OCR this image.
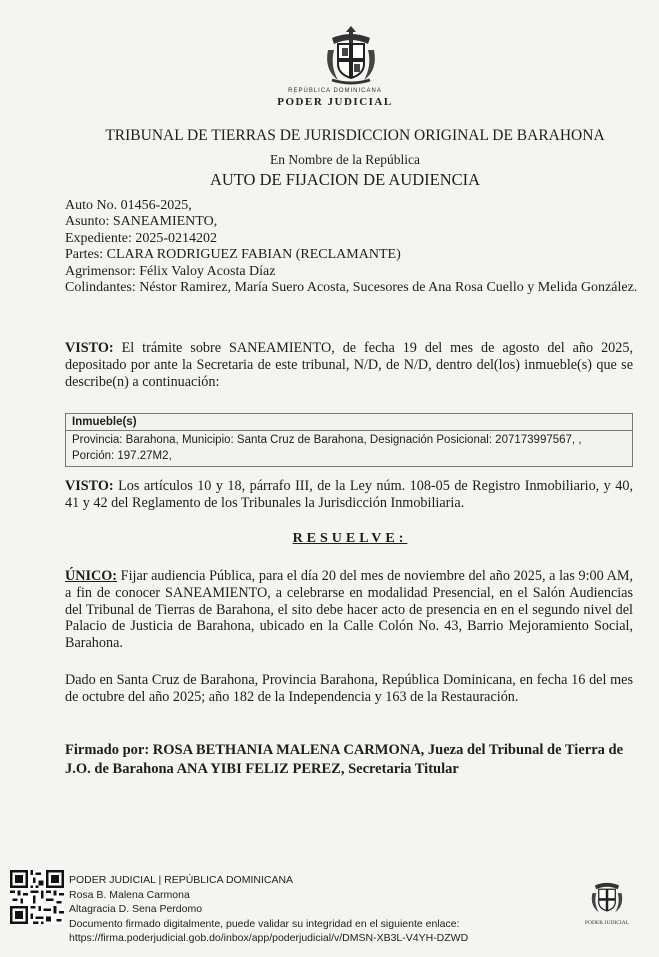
REPÚBLICA DOMINICANA
PODER JUDICIAL
TRIBUNAL DE TIERRAS DE JURISDICCION ORIGINAL DE BARAHONA
En Nombre de la República
AUTO DE FIJACION DE AUDIENCIA
Auto No. 01456-2025,
Asunto: SANEAMIENTO,
Expediente: 2025-0214202
Partes: CLARA RODRIGUEZ FABIAN (RECLAMANTE)
Agrimensor: Félix Valoy Acosta Díaz
Colindantes: Néstor Ramirez, María Suero Acosta, Sucesores de Ana Rosa Cuello y Melida González.
VISTO: El trámite sobre SANEAMIENTO, de fecha 19 del mes de agosto del año 2025, depositado por ante la Secretaria de este tribunal, N/D, de N/D, dentro del(los) inmueble(s) que se describe(n) a continuación:
Inmueble(s)
Provincia: Barahona, Municipio: Santa Cruz de Barahona, Designación Posicional: 207173997567, ,
Porción: 197.27M2,
VISTO: Los artículos 10 y 18, párrafo III, de la Ley núm. 108-05 de Registro Inmobiliario, y 40, 41 y 42 del Reglamento de los Tribunales la Jurisdicción Inmobiliaria.
RESUELVE:
ÚNICO: Fijar audiencia Pública, para el día 20 del mes de noviembre del año 2025, a las 9:00 AM, a fin de conocer SANEAMIENTO, a celebrarse en modalidad Presencial, en el Salón Audiencias del Tribunal de Tierras de Barahona, el sito debe hacer acto de presencia en en el segundo nivel del Palacio de Justicia de Barahona, ubicado en la Calle Colón No. 43, Barrio Mejoramiento Social, Barahona.
Dado en Santa Cruz de Barahona, Provincia Barahona, República Dominicana, en fecha 16 del mes de octubre del año 2025; año 182 de la Independencia y 163 de la Restauración.
Firmado por: ROSA BETHANIA MALENA CARMONA, Jueza del Tribunal de Tierra de J.O. de Barahona ANA YIBI FELIZ PEREZ, Secretaria Titular
PODER JUDICIAL | REPÚBLICA DOMINICANA
Rosa B. Malena Carmona
Altagracia D. Sena Perdomo
Documento firmado digitalmente, puede validar su integridad en el siguiente enlace:
https://firma.poderjudicial.gob.do/inbox/app/poderjudicial/v/DMSN-XB3L-V4YH-DZWD
PODER JUDICIAL
